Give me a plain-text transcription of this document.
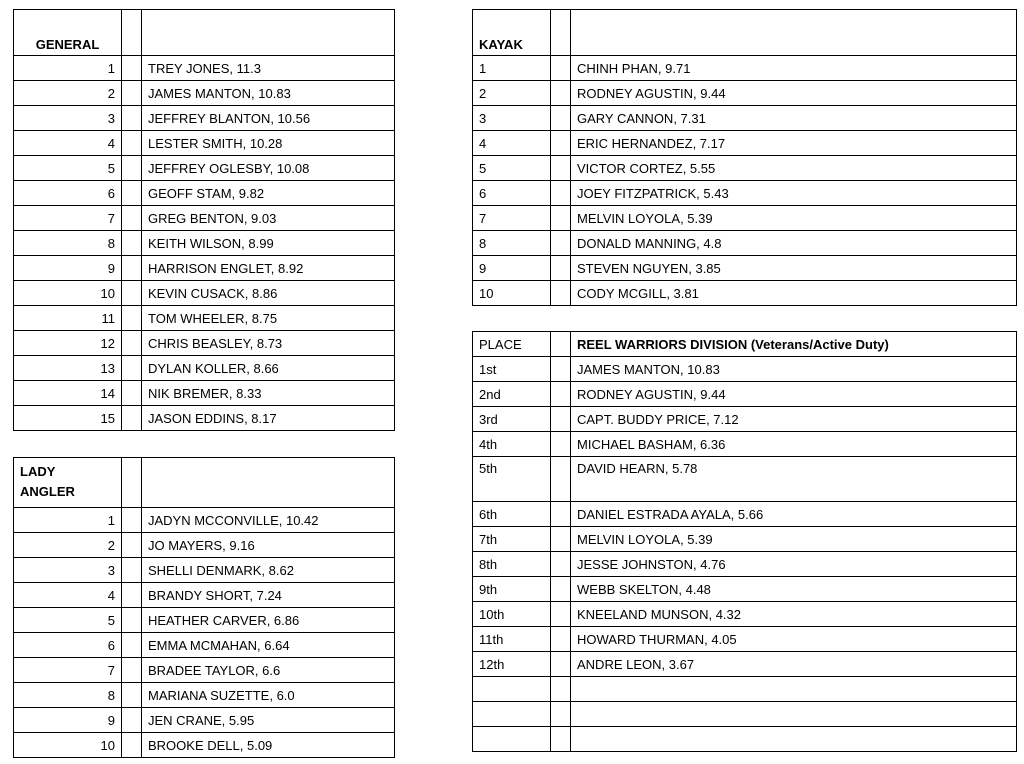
GENERAL		
1		TREY JONES, 11.3
2		JAMES MANTON, 10.83
3		JEFFREY BLANTON, 10.56
4		LESTER SMITH, 10.28
5		JEFFREY OGLESBY, 10.08
6		GEOFF STAM, 9.82
7		GREG BENTON, 9.03
8		KEITH WILSON, 8.99
9		HARRISON ENGLET, 8.92
10		KEVIN CUSACK, 8.86
11		TOM WHEELER, 8.75
12		CHRIS BEASLEY, 8.73
13		DYLAN KOLLER, 8.66
14		NIK BREMER, 8.33
15		JASON EDDINS, 8.17
LADY
ANGLER		

1		JADYN MCCONVILLE, 10.42
2		JO MAYERS, 9.16
3		SHELLI DENMARK, 8.62
4		BRANDY SHORT, 7.24
5		HEATHER CARVER, 6.86
6		EMMA MCMAHAN, 6.64
7		BRADEE TAYLOR, 6.6
8		MARIANA SUZETTE, 6.0
9		JEN CRANE, 5.95
10		BROOKE DELL, 5.09
KAYAK		
1		CHINH PHAN, 9.71
2		RODNEY AGUSTIN, 9.44
3		GARY CANNON, 7.31
4		ERIC HERNANDEZ, 7.17
5		VICTOR CORTEZ, 5.55
6		JOEY FITZPATRICK, 5.43
7		MELVIN LOYOLA, 5.39
8		DONALD MANNING, 4.8
9		STEVEN NGUYEN, 3.85
10		CODY MCGILL, 3.81
PLACE		REEL WARRIORS DIVISION (Veterans/Active Duty)
1st		JAMES MANTON, 10.83
2nd		RODNEY AGUSTIN, 9.44
3rd		CAPT. BUDDY PRICE, 7.12
4th		MICHAEL BASHAM, 6.36
5th		DAVID HEARN, 5.78
6th		DANIEL ESTRADA AYALA, 5.66
7th		MELVIN LOYOLA, 5.39
8th		JESSE JOHNSTON, 4.76
9th		WEBB SKELTON, 4.48
10th		KNEELAND MUNSON, 4.32
11th		HOWARD THURMAN, 4.05
12th		ANDRE LEON, 3.67
